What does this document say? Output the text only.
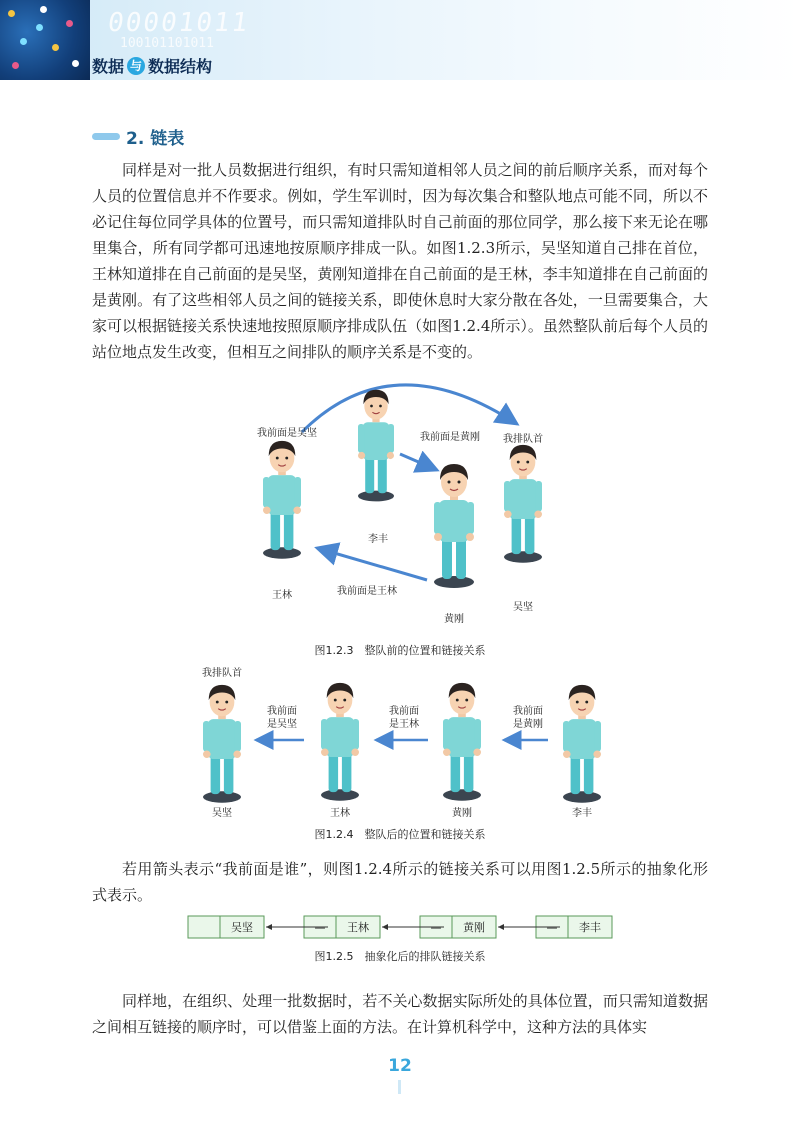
00001011
100101101011
数据 与 数据结构
2. 链表

同样是对一批人员数据进行组织，有时只需知道相邻人员之间的前后顺序关系，而对每个人员的位置信息并不作要求。例如，学生军训时，因为每次集合和整队地点可能不同，所以不必记住每位同学具体的位置号，而只需知道排队时自己前面的那位同学，那么接下来无论在哪里集合，所有同学都可迅速地按原顺序排成一队。如图1.2.3所示，吴坚知道自己排在首位，王林知道排在自己前面的是吴坚，黄刚知道排在自己前面的是王林，李丰知道排在自己前面的是黄刚。有了这些相邻人员之间的链接关系，即使休息时大家分散在各处，一旦需要集合，大家可以根据链接关系快速地按照原顺序排成队伍（如图1.2.4所示）。虽然整队前后每个人员的站位地点发生改变，但相互之间排队的顺序关系是不变的。

我前面是吴坚	我前面是黄刚 我排队首
我前面是王林
王林
李丰
黄刚
吴坚
图1.2.3　整队前的位置和链接关系
我排队首
我前面
是吴坚
我前面
是王林
我前面
是黄刚
吴坚	王林	黄刚	李丰
图1.2.4　整队后的位置和链接关系

若用箭头表示“我前面是谁”，则图1.2.4所示的链接关系可以用图1.2.5所示的抽象化形式表示。

吴坚	— 王林	— 黄刚	— 李丰
图1.2.5　抽象化后的排队链接关系

同样地，在组织、处理一批数据时，若不关心数据实际所处的具体位置，而只需知道数据之间相互链接的顺序时，可以借鉴上面的方法。在计算机科学中，这种方法的具体实

12
